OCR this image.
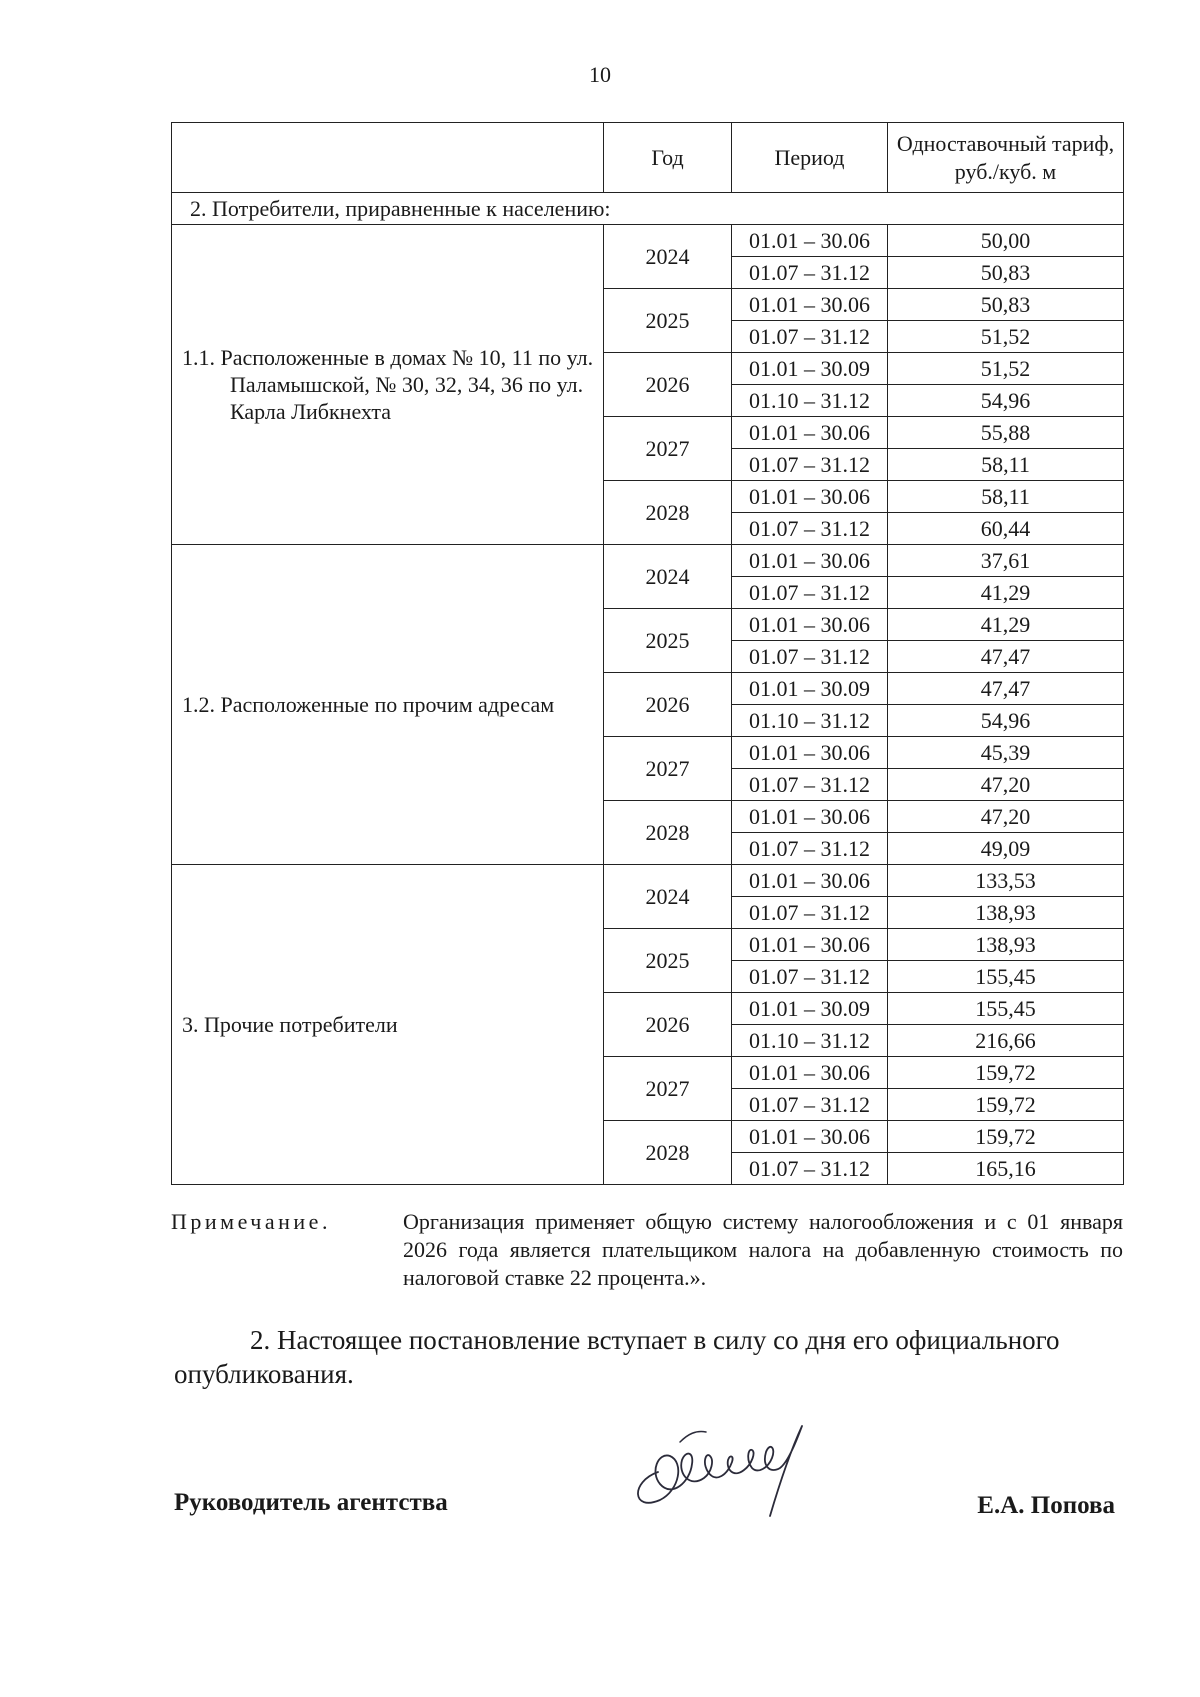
10
	Год	Период	Одноставочный тариф, руб./куб. м
2. Потребители, приравненные к населению:			

1.1. Расположенные в домах № 10, 11 по ул. Паламышской, № 30, 32, 34, 36 по ул. Карла Либкнехта	2024	01.01 – 30.06	50,00
		01.07 – 31.12	50,83
	2025	01.01 – 30.06	50,83
		01.07 – 31.12	51,52
	2026	01.01 – 30.09	51,52
		01.10 – 31.12	54,96
	2027	01.01 – 30.06	55,88
		01.07 – 31.12	58,11
	2028	01.01 – 30.06	58,11
		01.07 – 31.12	60,44

1.2. Расположенные по прочим адресам	2024	01.01 – 30.06	37,61
		01.07 – 31.12	41,29
	2025	01.01 – 30.06	41,29
		01.07 – 31.12	47,47
	2026	01.01 – 30.09	47,47
		01.10 – 31.12	54,96
	2027	01.01 – 30.06	45,39
		01.07 – 31.12	47,20
	2028	01.01 – 30.06	47,20
		01.07 – 31.12	49,09

3. Прочие потребители	2024	01.01 – 30.06	133,53
		01.07 – 31.12	138,93
	2025	01.01 – 30.06	138,93
		01.07 – 31.12	155,45
	2026	01.01 – 30.09	155,45
		01.10 – 31.12	216,66
	2027	01.01 – 30.06	159,72
		01.07 – 31.12	159,72
	2028	01.01 – 30.06	159,72
		01.07 – 31.12	165,16
Примечание.	Организация применяет общую систему налогообложения и с 01 января 2026 года является плательщиком налога на добавленную стоимость по налоговой ставке 22 процента.».
2. Настоящее постановление вступает в силу со дня его официального опубликования.
Руководитель агентства	Е.А. Попова
